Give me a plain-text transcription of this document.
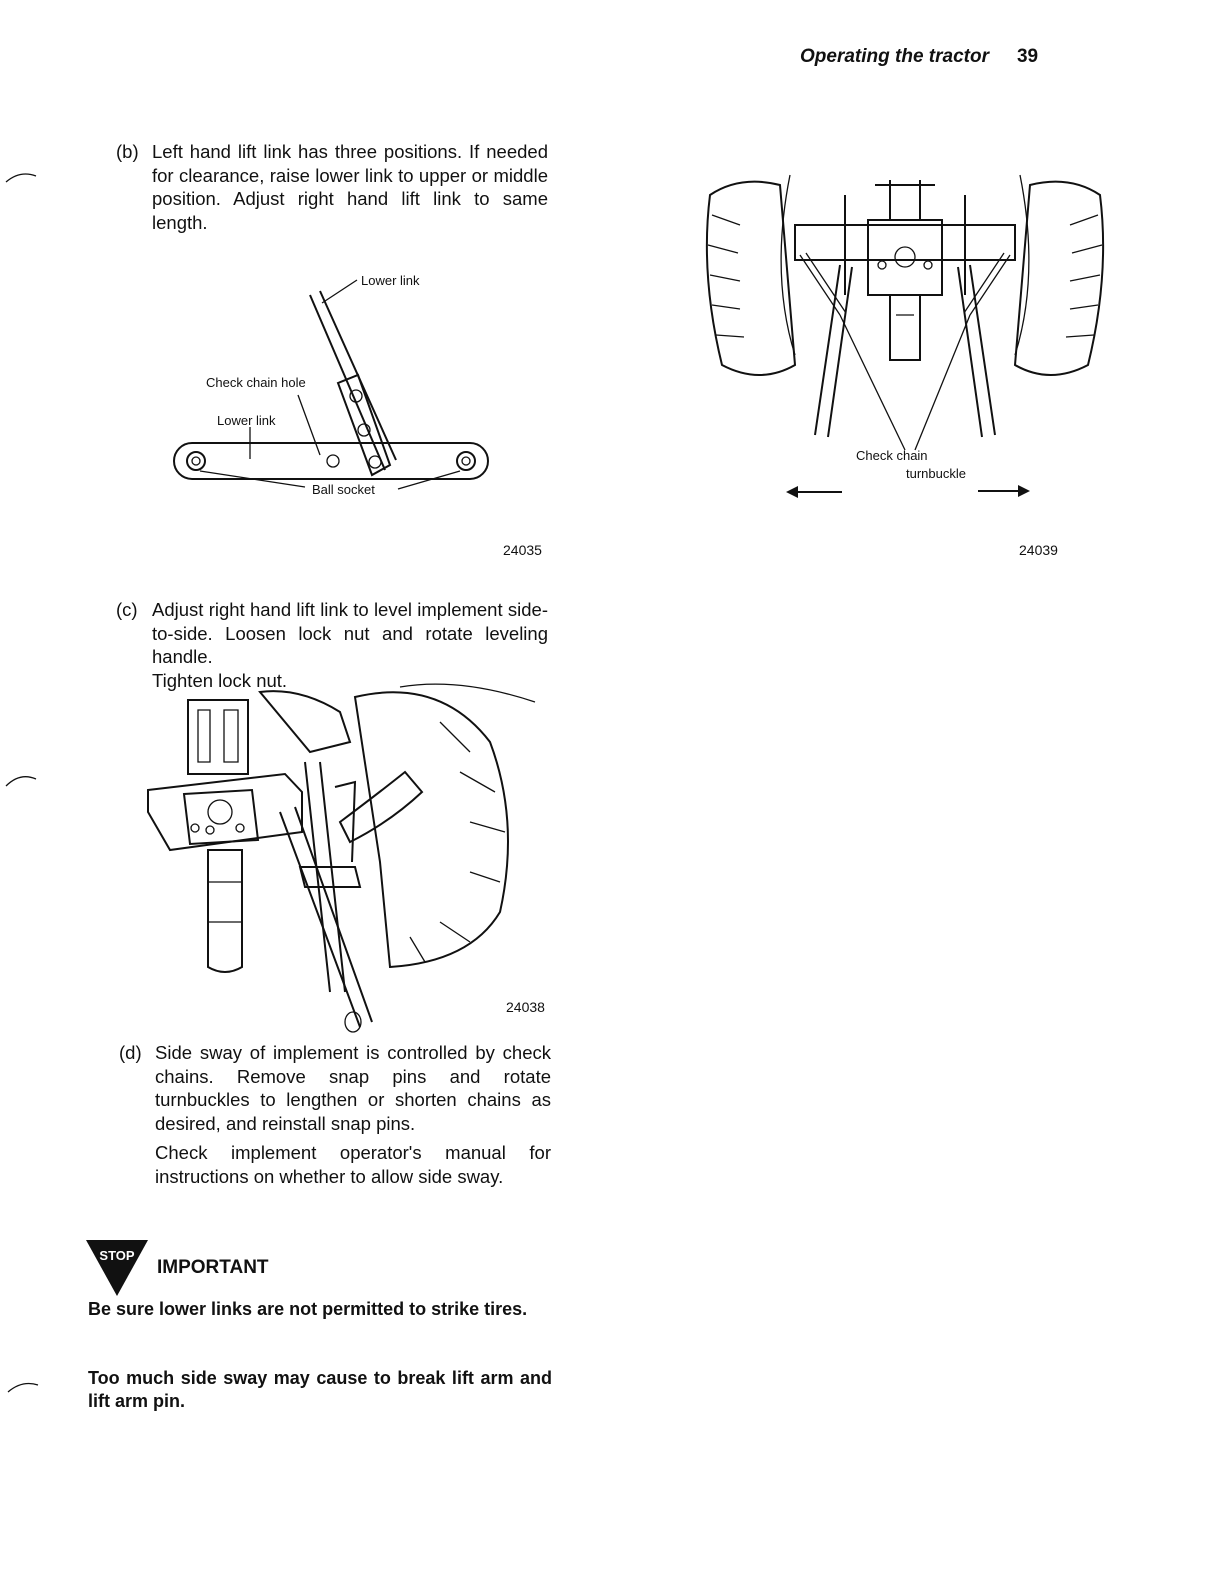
Operating the tractor 39
(b) Left hand lift link has three positions. If needed for clearance, raise lower link to upper or middle position. Adjust right hand lift link to same length.

Lower link
Check chain hole
Lower link
Ball socket
24035
Check chain
turnbuckle
24039
(c) Adjust right hand lift link to level implement side-to-side. Loosen lock nut and rotate leveling handle.

Tighten lock nut.

24038
(d) Side sway of implement is controlled by check chains. Remove snap pins and rotate turnbuckles to lengthen or shorten chains as desired, and reinstall snap pins.

Check implement operator's manual for instructions on whether to allow side sway.

STOP
IMPORTANT
Be sure lower links are not permitted to strike tires.
Too much side sway may cause to break lift arm and lift arm pin.
